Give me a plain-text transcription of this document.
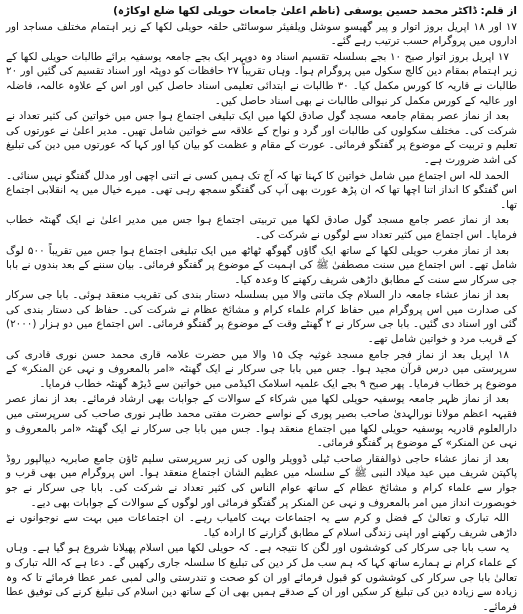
از قلم: ڈاکٹر محمد حسین یوسفی (ناظم اعلیٰ جامعات حویلی لکھا ضلع اوکاڑہ)

۱۷ اور ۱۸ اپریل بروز اتوار و پیر گھیسو سوشل ویلفیئر سوسائٹی حلقہ حویلی لکھا کے زیر اہتمام مختلف مساجد اور اداروں میں پروگرام حسب ترتیب رہے گئے۔

۱۷ اپریل بروز اتوار صبح ۱۰ بجے بسلسلہ تقسیم اسناد وہ دوپہر ایک بجے جامعہ یوسفیہ برائے طالبات حویلی لکھا کے زیر اہتمام بمقام دین کالج سکول میں پروگرام ہوا۔ وہاں تقریباً ۲۷ حافظات کو دوپٹہ اور اسناد تقسیم کی گئیں اور ۲۰ طالبات نے قاریہ کا کورس مکمل کیا۔ ۳۰ طالبات نے ابتدائی تعلیمی اسناد حاصل کیں اور اس کے علاوہ عالمہ، فاضلہ اور عالیہ کے کورس مکمل کر نیوالی طالبات نے بھی اسناد حاصل کیں۔

بعد از نماز عصر بمقام جامعہ مسجد گول صادق لکھا میں ایک تبلیغی اجتماع ہوا جس میں خواتین کی کثیر تعداد نے شرکت کی۔ مختلف سکولوں کی طالبات اور گرد و نواح کے علاقہ سے خواتین شامل تھیں۔ مدیر اعلیٰ نے عورتوں کی تعلیم و تربیت کے موضوع پر گفتگو فرمائی۔ عورت کے مقام و عظمت کو بیان کیا اور کہا کہ عورتوں میں دین کی تبلیغ کی اشد ضرورت ہے۔

الحمد للہ اس اجتماع میں شامل خواتین کا کہنا تھا کہ آج تک ہمیں کسی نے اتنی اچھی اور مدلل گفتگو نہیں سنائی۔ اس گفتگو کا انداز اتنا اچھا تھا کہ ان پڑھ عورت بھی آپ کی گفتگو سمجھ رہی تھی۔ میرے خیال میں یہ انقلابی اجتماع تھا۔

بعد از نماز عصر جامع مسجد گول صادق لکھا میں تربیتی اجتماع ہوا جس میں مدیر اعلیٰ نے ایک گھنٹہ خطاب فرمایا۔ اس اجتماع میں کثیر تعداد سے لوگوں نے شرکت کی۔

بعد از نماز مغرب حویلی لکھا کے ساتھ ایک گاؤں گھوگھ ٹھاٹھ میں ایک تبلیغی اجتماع ہوا جس میں تقریباً ۵۰۰ لوگ شامل تھے۔ اس اجتماع میں سنت مصطفیٰ ﷺ کی اہمیت کے موضوع پر گفتگو فرمائی۔ بیان سننے کے بعد بندوں نے بابا جی سرکار سے سنت کے مطابق داڑھی شریف رکھنے کا وعدہ کیا۔

بعد از نماز عشاء جامعہ دار السلام چک ماتنی والا میں بسلسلہ دستار بندی کی تقریب منعقد ہوئی۔ بابا جی سرکار کی صدارت میں اس پروگرام میں حفاظ کرام علماء کرام و مشائخ عظام نے شرکت کی۔ حفاظ کی دستار بندی کی گئی اور اسناد دی گئیں۔ بابا جی سرکار نے ۲ گھنٹے وقت کے موضوع پر گفتگو فرمائی۔ اس اجتماع میں دو ہزار (۲۰۰۰) کے قریب مرد و خواتین شامل تھے۔

۱۸ اپریل بعد از نماز فجر جامع مسجد غوثیہ چک ۱۵ والا میں حضرت علامہ قاری محمد حسن نوری قادری کی سرپرستی میں درس قرآن مجید ہوا۔ جس میں بابا جی سرکار نے ایک گھنٹہ «امر بالمعروف و نہی عن المنکر» کے موضوع پر خطاب فرمایا۔ پھر صبح ۹ بجے ایک علمیہ اسلامک اکیڈمی میں خواتین سے ڈیڑھ گھنٹہ خطاب فرمایا۔

بعد از نماز ظہر جامعہ یوسفیہ حویلی لکھا میں شرکاء کے سوالات کے جوابات بھی ارشاد فرمائے۔ بعد از نماز عصر فقیہہ اعظم مولانا نورالہدیٰ صاحب بصیر پوری کے نواسے حضرت مفتی محمد طاہر نوری صاحب کی سرپرستی میں دارالعلوم قادریہ یوسفیہ حویلی لکھا میں اجتماع منعقد ہوا۔ جس میں بابا جی سرکار نے ایک گھنٹہ «امر بالمعروف و نہی عن المنکر» کے موضوع پر گفتگو فرمائی۔

بعد از نماز عشاء حاجی ذوالفقار صاحب ٹیلی ڈوویلر والوں کی زیر سرپرستی سلیم ٹاؤن جامع صابریہ دیپالپور روڈ پاکپتن شریف میں عید میلاد النبی ﷺ کے سلسلہ میں عظیم الشان اجتماع منعقد ہوا۔ اس پروگرام میں بھی قرب و جوار سے علماء کرام و مشائخ عظام کے ساتھ عوام الناس کی کثیر تعداد نے شرکت کی۔ بابا جی سرکار نے جو خوبصورت انداز میں امر بالمعروف و نہی عن المنکر پر گفتگو فرمائی اور لوگوں کے سوالات کے جوابات بھی دیے۔

اللہ تبارک و تعالیٰ کے فضل و کرم سے یہ اجتماعات بہت کامیاب رہے۔ ان اجتماعات میں بہت سے نوجوانوں نے داڑھی شریف رکھنے اور اپنی زندگی اسلام کے مطابق گزارنے کا ارادہ کیا۔

یہ سب بابا جی سرکار کی کوششوں اور لگن کا نتیجہ ہے۔ کہ حویلی لکھا میں اسلام پھیلانا شروع ہو گیا ہے۔ وہاں کے علماء کرام نے ہمارے ساتھ کہا کہ ہم سب مل کر دین کی تبلیغ کا سلسلہ جاری رکھیں گے۔ دعا ہے کہ اللہ تبارک و تعالیٰ بابا جی سرکار کی کوششوں کو قبول فرمائے اور ان کو صحت و تندرستی والی لمبی عمر عطا فرمائے تا کہ وہ زیادہ سے زیادہ دین کی تبلیغ کر سکیں اور ان کے صدقے ہمیں بھی ان کے ساتھ دین اسلام کی تبلیغ کرنے کی توفیق عطا فرمائے۔
